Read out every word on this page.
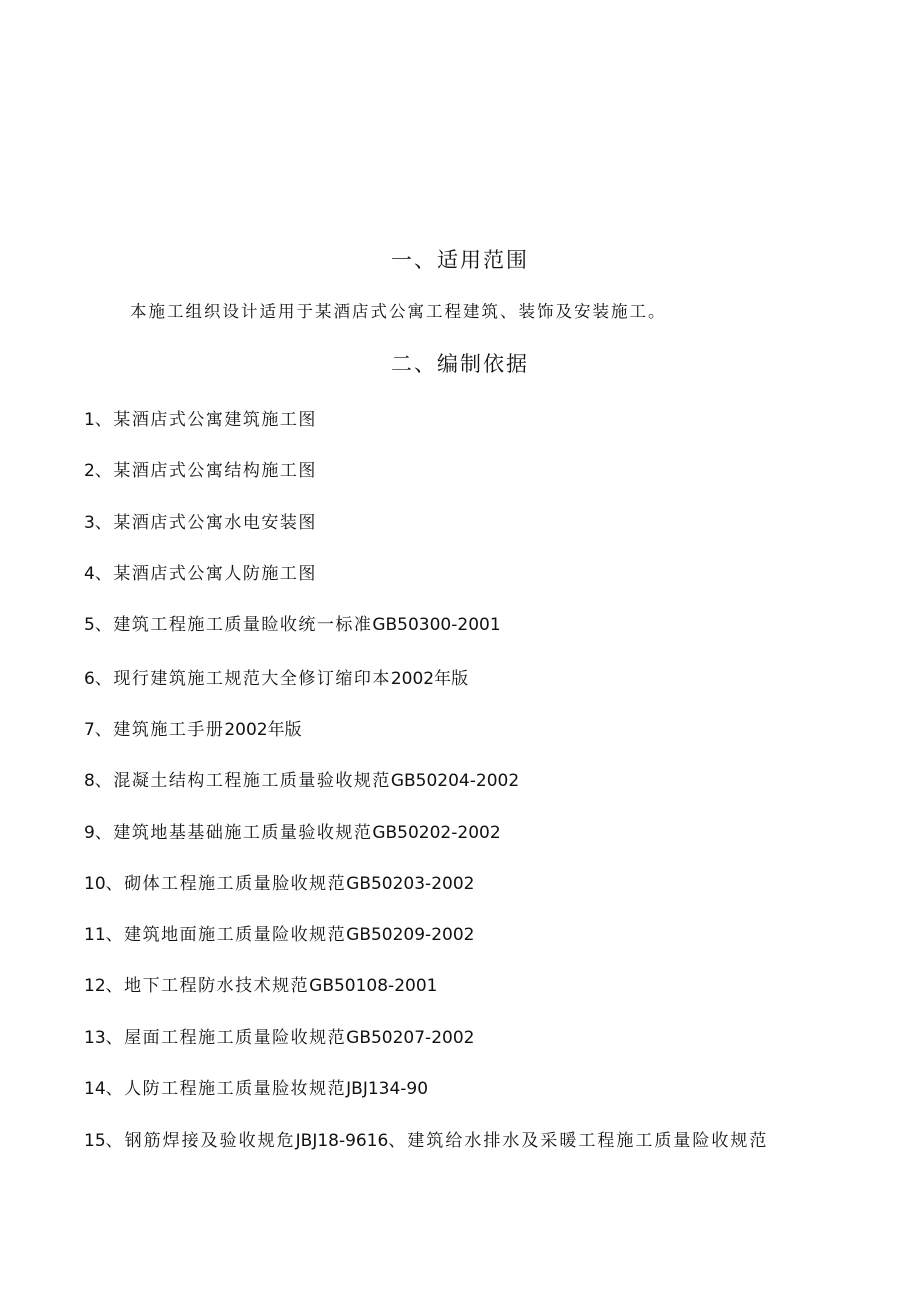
一、适用范围
本施工组织设计适用于某酒店式公寓工程建筑、装饰及安装施工。
二、编制依据
1、某酒店式公寓建筑施工图
2、某酒店式公寓结构施工图
3、某酒店式公寓水电安装图
4、某酒店式公寓人防施工图
5、建筑工程施工质量睑收统一标准GB50300-2001
6、现行建筑施工规范大全修订缩印本2002年版
7、建筑施工手册2002年版
8、混凝土结构工程施工质量验收规范GB50204-2002
9、建筑地基基础施工质量验收规范GB50202-2002
10、砌体工程施工质量脸收规范GB50203-2002
11、建筑地面施工质量险收规范GB50209-2002
12、地下工程防水技术规范GB50108-2001
13、屋面工程施工质量险收规范GB50207-2002
14、人防工程施工质量脸妆规范JBJ134-90
15、钢筋焊接及验收规危JBJ18-9616、建筑给水排水及采暖工程施工质量险收规范
